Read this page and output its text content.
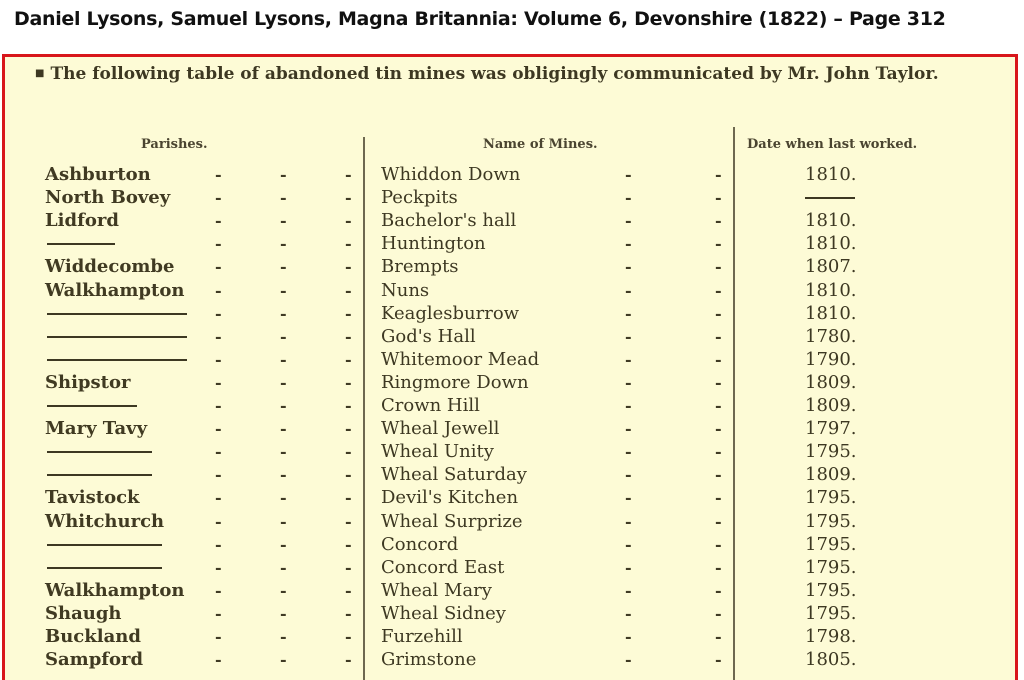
Daniel Lysons, Samuel Lysons, Magna Britannia: Volume 6, Devonshire (1822) – Page 312
■ The following table of abandoned tin mines was obligingly communicated by Mr. John Taylor.
Parishes.	Name of Mines.	Date when last worked.
Ashburton	-	-	- Whiddon Down	-	-	1810.
North Bovey	-	-	- Peckpits	-	-
Lidford	-	-	- Bachelor's hall	-	-	1810.
-	-	- Huntington	-	-	1810.
Widdecombe	-	-	- Brempts	-	-	1807.
Walkhampton -	-	- Nuns	-	-	1810.
-	-	- Keaglesburrow	-	-	1810.
-	-	- God's Hall	-	-	1780.
-	-	- Whitemoor Mead	-	-	1790.
Shipstor	-	-	- Ringmore Down	-	-	1809.
-	-	- Crown Hill	-	-	1809.
Mary Tavy	-	-	- Wheal Jewell	-	-	1797.
-	-	- Wheal Unity	-	-	1795.
-	-	- Wheal Saturday	-	-	1809.
Tavistock	-	-	- Devil's Kitchen	-	-	1795.
Whitchurch	-	-	- Wheal Surprize	-	-	1795.
-	-	- Concord	-	-	1795.
-	-	- Concord East	-	-	1795.
Walkhampton -	-	- Wheal Mary	-	-	1795.
Shaugh	-	-	- Wheal Sidney	-	-	1795.
Buckland	-	-	- Furzehill	-	-	1798.
Sampford	-	-	- Grimstone	-	-	1805.
